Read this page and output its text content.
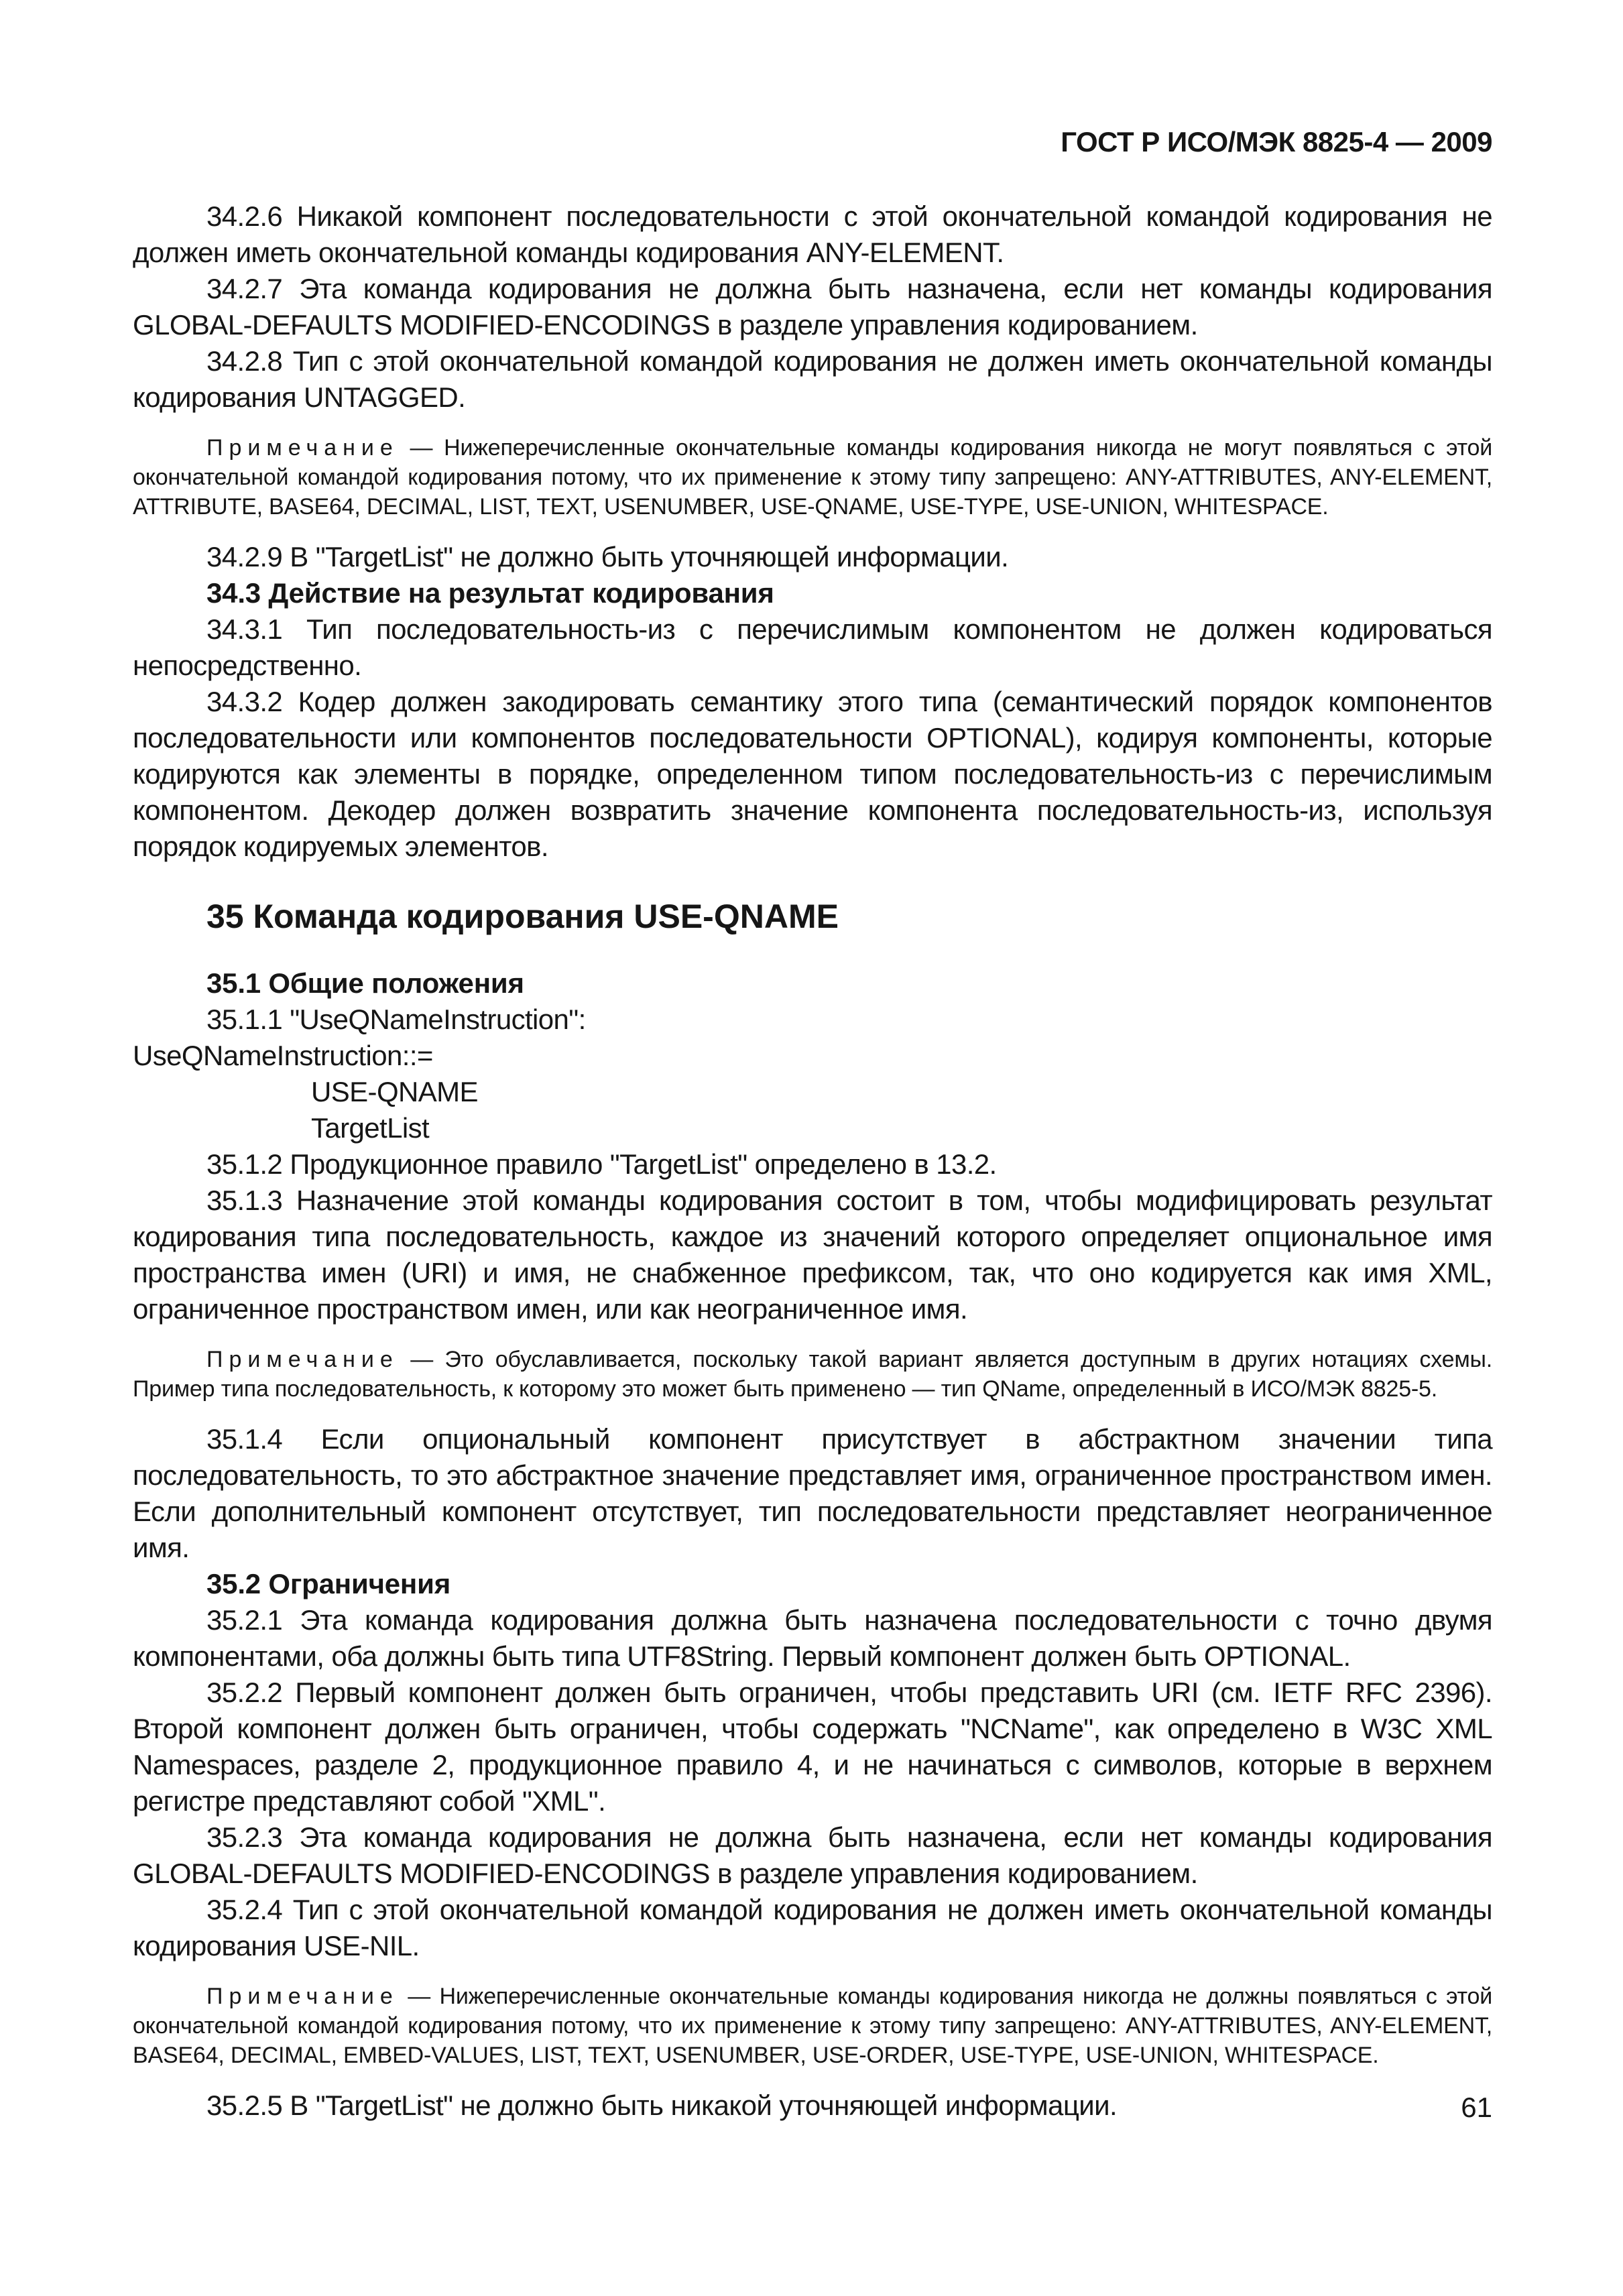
ГОСТ Р ИСО/МЭК 8825-4 — 2009

34.2.6 Никакой компонент последовательности с этой окончательной командой кодирования не должен иметь окончательной команды кодирования ANY-ELEMENT.

34.2.7 Эта команда кодирования не должна быть назначена, если нет команды кодирования GLOBAL-DEFAULTS MODIFIED-ENCODINGS в разделе управления кодированием.

34.2.8 Тип с этой окончательной командой кодирования не должен иметь окончательной команды кодирования UNTAGGED.

Примечание — Нижеперечисленные окончательные команды кодирования никогда не могут появляться с этой окончательной командой кодирования потому, что их применение к этому типу запрещено: ANY-ATTRIBUTES, ANY-ELEMENT, ATTRIBUTE, BASE64, DECIMAL, LIST, TEXT, USENUMBER, USE-QNAME, USE-TYPE, USE-UNION, WHITESPACE.

34.2.9 В "TargetList" не должно быть уточняющей информации.

34.3 Действие на результат кодирования

34.3.1 Тип последовательность-из с перечислимым компонентом не должен кодироваться непосредственно.

34.3.2 Кодер должен закодировать семантику этого типа (семантический порядок компонентов последовательности или компонентов последовательности OPTIONAL), кодируя компоненты, которые кодируются как элементы в порядке, определенном типом последовательность-из с перечислимым компонентом. Декодер должен возвратить значение компонента последовательность-из, используя порядок кодируемых элементов.

35 Команда кодирования USE-QNAME

35.1 Общие положения

35.1.1 "UseQNameInstruction":

UseQNameInstruction::=

USE-QNAME

TargetList

35.1.2 Продукционное правило "TargetList" определено в 13.2.

35.1.3 Назначение этой команды кодирования состоит в том, чтобы модифицировать результат кодирования типа последовательность, каждое из значений которого определяет опциональное имя пространства имен (URI) и имя, не снабженное префиксом, так, что оно кодируется как имя XML, ограниченное пространством имен, или как неограниченное имя.

Примечание — Это обуславливается, поскольку такой вариант является доступным в других нотациях схемы. Пример типа последовательность, к которому это может быть применено — тип QName, определенный в ИСО/МЭК 8825-5.

35.1.4 Если опциональный компонент присутствует в абстрактном значении типа последовательность, то это абстрактное значение представляет имя, ограниченное пространством имен. Если дополнительный компонент отсутствует, тип последовательности представляет неограниченное имя.

35.2 Ограничения

35.2.1 Эта команда кодирования должна быть назначена последовательности с точно двумя компонентами, оба должны быть типа UTF8String. Первый компонент должен быть OPTIONAL.

35.2.2 Первый компонент должен быть ограничен, чтобы представить URI (см. IETF RFC 2396). Второй компонент должен быть ограничен, чтобы содержать "NCName", как определено в W3C XML Namespaces, разделе 2, продукционное правило 4, и не начинаться с символов, которые в верхнем регистре представляют собой "XML".

35.2.3 Эта команда кодирования не должна быть назначена, если нет команды кодирования GLOBAL-DEFAULTS MODIFIED-ENCODINGS в разделе управления кодированием.

35.2.4 Тип с этой окончательной командой кодирования не должен иметь окончательной команды кодирования USE-NIL.

Примечание — Нижеперечисленные окончательные команды кодирования никогда не должны появляться с этой окончательной командой кодирования потому, что их применение к этому типу запрещено: ANY-ATTRIBUTES, ANY-ELEMENT, BASE64, DECIMAL, EMBED-VALUES, LIST, TEXT, USENUMBER, USE-ORDER, USE-TYPE, USE-UNION, WHITESPACE.

35.2.5 В "TargetList" не должно быть никакой уточняющей информации.	61
